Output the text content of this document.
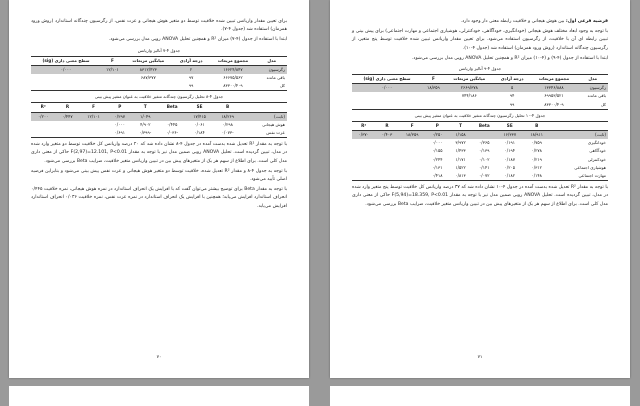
برای تعیین مقدار واریانس تبیین شده خلاقیت توسط دو متغیر هوش هیجانی و عزت نفس، از رگرسیون چندگانه استاندارد (روش ورود همزمان) استفاده شد (جدول ۴-۷).

ابتدا با استفاده از جدول (۴-۷) میزان R² و همچنین تحلیل ANOVA رویی مدل بررسی می‌شود.

جدول ۴-۷ آنالیز واریانس
مدل	مجموع مربعات	درجه آزادی	میانگین مربعات	F	سطح معنی داری (sig)
رگرسیون	۱۶۶۲۴/۸۴۷	۲	۸۳۱۲/۴۲۳	۱۲/۱۰۱	۰/۰۰۰
باقی مانده	۶۶۶۷۵/۵۶۲	۹۷	۶۸۷/۳۷۷		
کل	۸۳۳۰۰/۴۰۹	۹۹			
جدول ۴-۸ تحلیل رگرسیون چندگانه متغیر خلاقیت به عنوان متغیر پیش بینی
	B	SE	Beta	T	P	F	R	R²
(ثابت)	۱۸/۲۶۹	۱۷/۴۱۵		۱/۰۴۹	۰/۲۹۷	۱۲/۱۰۱	۰/۴۴۷	۰/۲۰۰
هوش هیجانی	۰/۲۹۸	۰/۰۶۱	۰/۴۴۵	۴/۹۰۲	۰/۰۰۰			
عزت نفس	-۰/۰۷۳	۰/۱۸۴	-۰/۰۳۶	-۰/۳۹۹	۰/۶۹۱			

با توجه به مقدار R² تعدیل شده بدست آمده در جدول ۴-۸ نشان داده شد که ۲۰ درصد واریانس کل خلاقیت توسط دو متغیر وارد شده در مدل، تبیین گردیده است. تحلیل ANOVA رویی ضمین مدل نیز با توجه به مقدار F(2,97)=12.101, P<0.01 حاکی از معنی داری مدل کلی است. برای اطلاع از سهم هر یک از متغیرهای پیش بین در تبیین واریانس متغیر خلاقیت، ضرایب Beta بررسی می‌شود.

با توجه به جدول ۴-۸ و مقدار R² تعدیل شده، خلاقیت توسط دو متغیر هوش هیجانی و عزت نفس پیش بینی می‌شود و بنابراین فرضیه اصلی تأیید می‌شود.

با توجه به مقدار Beta برای توضیح بیشتر می‌توان گفت که با افزایش یک انحراف استاندارد در نمره هوش هیجانی، نمره خلاقیت ۰/۴۴۵ انحراف استاندارد افزایش می‌یابد؛ همچنین با افزایش یک انحراف استاندارد در نمره عزت نفس، نمره خلاقیت ۰/۰۳۶ انحراف استاندارد افزایش می‌یابد.

۷۰

فرضیه فرعی اول: بین هوش هیجانی و خلاقیت رابطه معنی دار وجود دارد.

با توجه به وجود ابعاد مختلف هوش هیجانی (خودانگیزی، خودآگاهی، خودکنترلی، هوشیاری اجتماعی و مهارت اجتماعی) برای پیش بینی و تبیین رابطه ای آن با خلاقیت، از رگرسیون استفاده می‌شود. برای تعیین مقدار واریانس تبیین شده خلاقیت توسط پنج متغیر، از رگرسیون چندگانه استاندارد (روش ورود همزمان) استفاده شد (جدول ۴-۱۰).

ابتدا با استفاده از جدول (۴-۹) و (۴-۱۰) میزان R² و همچنین تحلیل ANOVA رویی مدل بررسی می‌شود.

جدول ۴-۹ آنالیز واریانس
مدل	مجموع مربعات	درجه آزادی	میانگین مربعات	F	سطح معنی داری (sig)
رگرسیون	۱۳۳۴۶/۸۸۸	۵	۲۶۶۹/۳۷۸	۱۸/۳۵۹	۰/۰۰۰
باقی مانده	۶۹۹۵۳/۵۲۱	۹۴	۷۴۴/۱۸۶		
کل	۸۳۳۰۰/۴۰۹	۹۹			
جدول ۴-۱۰ تحلیل رگرسیون چندگانه متغیر خلاقیت به عنوان متغیر پیش بینی
	B	SE	Beta	T	P	F	R	R²
(ثابت)	۱۸/۹۱۱	۱۶/۳۳۷		۱/۱۵۸	۰/۲۵۰	۱۸/۳۵۹	۰/۴۰۳	۰/۳۷۰
خودانگیزی	۰/۷۵۹	۰/۱۹۱	۰/۳۶۵	۳/۹۷۲	۰/۰۰۰			
خودآگاهی	۰/۲۷۸	۰/۱۹۴	۰/۱۳۹	۱/۴۳۳	۰/۱۵۵			
خودکنترلی	۰/۲۱۹	۰/۱۸۷	۰/۱۰۲	۱/۱۷۱	۰/۲۴۴			
هوشیاری اجتماعی	۰/۳۱۲	۰/۲۰۵	۰/۱۴۱	۱/۵۲۲	۰/۱۳۱			
مهارت اجتماعی	۰/۱۴۸	۰/۱۸۲	۰/۰۷۲	۰/۸۱۳	۰/۴۱۸			

با توجه به مقدار R² تعدیل شده بدست آمده در جدول ۴-۱۰ نشان داده شد که ۳۷ درصد واریانس کل خلاقیت توسط پنج متغیر وارد شده در مدل، تبیین گردیده است. تحلیل ANOVA رویی ضمین مدل نیز با توجه به مقدار F(5,94)=18.359, P<0.01 حاکی از معنی داری مدل کلی است. برای اطلاع از سهم هر یک از متغیرهای پیش بین در تبیین واریانس متغیر خلاقیت، ضرایب Beta بررسی می‌شود.

۷۱
